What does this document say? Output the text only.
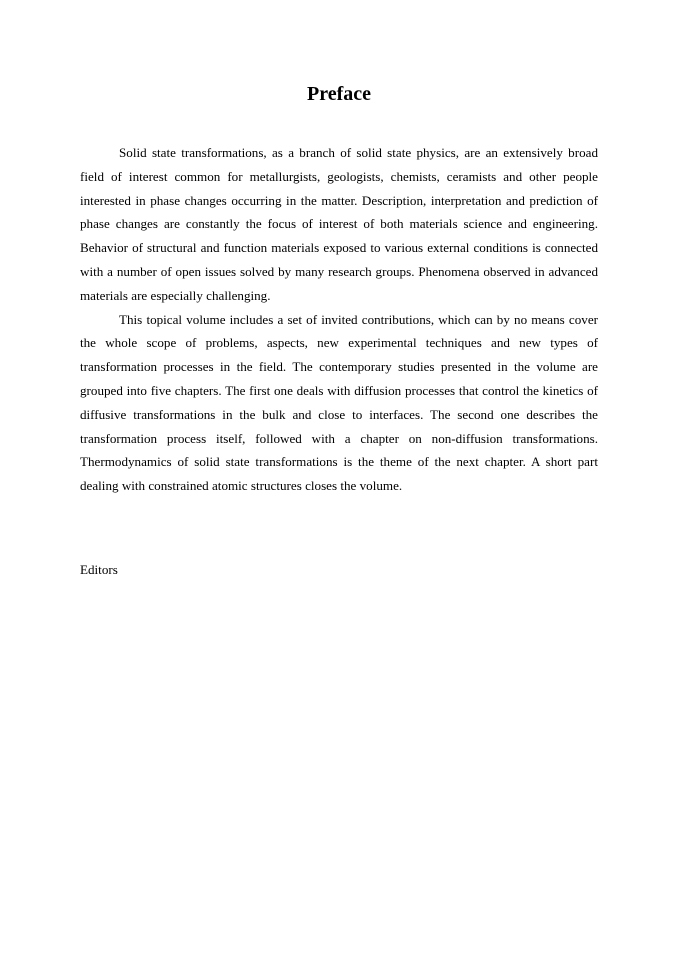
Preface

Solid state transformations, as a branch of solid state physics, are an extensively broad field of interest common for metallurgists, geologists, chemists, ceramists and other people interested in phase changes occurring in the matter. Description, interpretation and prediction of phase changes are constantly the focus of interest of both materials science and engineering. Behavior of structural and function materials exposed to various external conditions is connected with a number of open issues solved by many research groups. Phenomena observed in advanced materials are especially challenging.

This topical volume includes a set of invited contributions, which can by no means cover the whole scope of problems, aspects, new experimental techniques and new types of transformation processes in the field. The contemporary studies presented in the volume are grouped into five chapters. The first one deals with diffusion processes that control the kinetics of diffusive transformations in the bulk and close to interfaces. The second one describes the transformation process itself, followed with a chapter on non-diffusion transformations. Thermodynamics of solid state transformations is the theme of the next chapter. A short part dealing with constrained atomic structures closes the volume.

Editors
